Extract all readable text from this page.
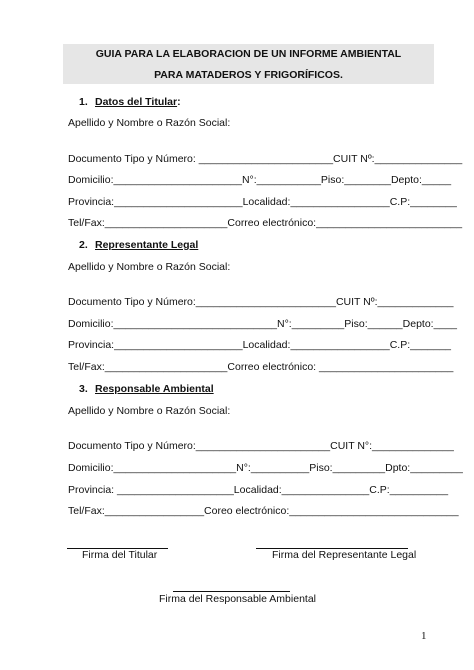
GUIA PARA LA ELABORACION DE UN INFORME AMBIENTAL
PARA MATADEROS Y FRIGORÍFICOS.
1. Datos del Titular:
Apellido y Nombre o Razón Social:
Documento Tipo y Número: _______________________CUIT Nº:_______________
Domicilio:______________________N°:___________Piso:________Depto:_____
Provincia:______________________Localidad:_________________C.P:________
Tel/Fax:_____________________Correo electrónico:_________________________
2. Representante Legal
Apellido y Nombre o Razón Social:
Documento Tipo y Número:________________________CUIT Nº:_____________
Domicilio:____________________________N°:_________Piso:______Depto:____
Provincia:______________________Localidad:_________________C.P:_______
Tel/Fax:_____________________Correo electrónico: _______________________
3. Responsable Ambiental
Apellido y Nombre o Razón Social:
Documento Tipo y Número:_______________________CUIT N°:______________
Domicilio:_____________________N°:__________Piso:_________Dpto:_________
Provincia: ____________________Localidad:_______________C.P:__________
Tel/Fax:_________________Coreo electrónico:_____________________________
Firma del Titular	Firma del Representante Legal
Firma del Responsable Ambiental
1
